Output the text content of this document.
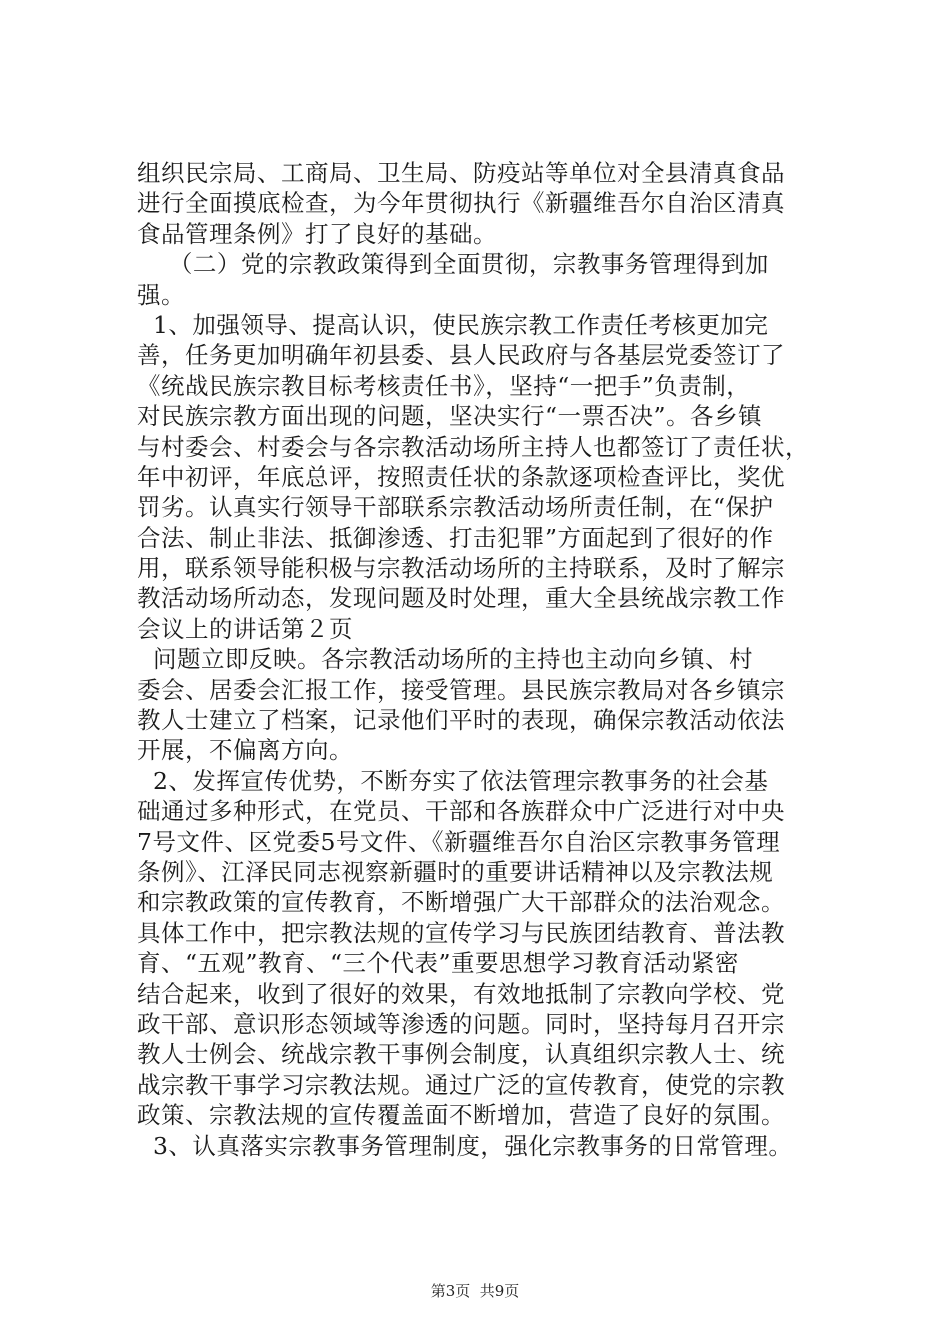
组织民宗局、工商局、卫生局、防疫站等单位对全县清真食品
进行全面摸底检查，为今年贯彻执行《新疆维吾尔自治区清真
食品管理条例》打了良好的基础。
（二）党的宗教政策得到全面贯彻，宗教事务管理得到加
强。
1、加强领导、提高认识，使民族宗教工作责任考核更加完
善，任务更加明确年初县委、县人民政府与各基层党委签订了
《统战民族宗教目标考核责任书》，坚持“一把手”负责制，
对民族宗教方面出现的问题，坚决实行“一票否决”。各乡镇
与村委会、村委会与各宗教活动场所主持人也都签订了责任状，
年中初评，年底总评，按照责任状的条款逐项检查评比，奖优
罚劣。认真实行领导干部联系宗教活动场所责任制，在“保护
合法、制止非法、抵御渗透、打击犯罪”方面起到了很好的作
用，联系领导能积极与宗教活动场所的主持联系，及时了解宗
教活动场所动态，发现问题及时处理，重大全县统战宗教工作
会议上的讲话第２页
问题立即反映。各宗教活动场所的主持也主动向乡镇、村
委会、居委会汇报工作，接受管理。县民族宗教局对各乡镇宗
教人士建立了档案，记录他们平时的表现，确保宗教活动依法
开展，不偏离方向。
2、发挥宣传优势，不断夯实了依法管理宗教事务的社会基
础通过多种形式，在党员、干部和各族群众中广泛进行对中央
7号文件、区党委5号文件、《新疆维吾尔自治区宗教事务管理
条例》、江泽民同志视察新疆时的重要讲话精神以及宗教法规
和宗教政策的宣传教育，不断增强广大干部群众的法治观念。
具体工作中，把宗教法规的宣传学习与民族团结教育、普法教
育、“五观”教育、“三个代表”重要思想学习教育活动紧密
结合起来，收到了很好的效果，有效地抵制了宗教向学校、党
政干部、意识形态领域等渗透的问题。同时，坚持每月召开宗
教人士例会、统战宗教干事例会制度，认真组织宗教人士、统
战宗教干事学习宗教法规。通过广泛的宣传教育，使党的宗教
政策、宗教法规的宣传覆盖面不断增加，营造了良好的氛围。
3、认真落实宗教事务管理制度，强化宗教事务的日常管理。
第3页  共9页
